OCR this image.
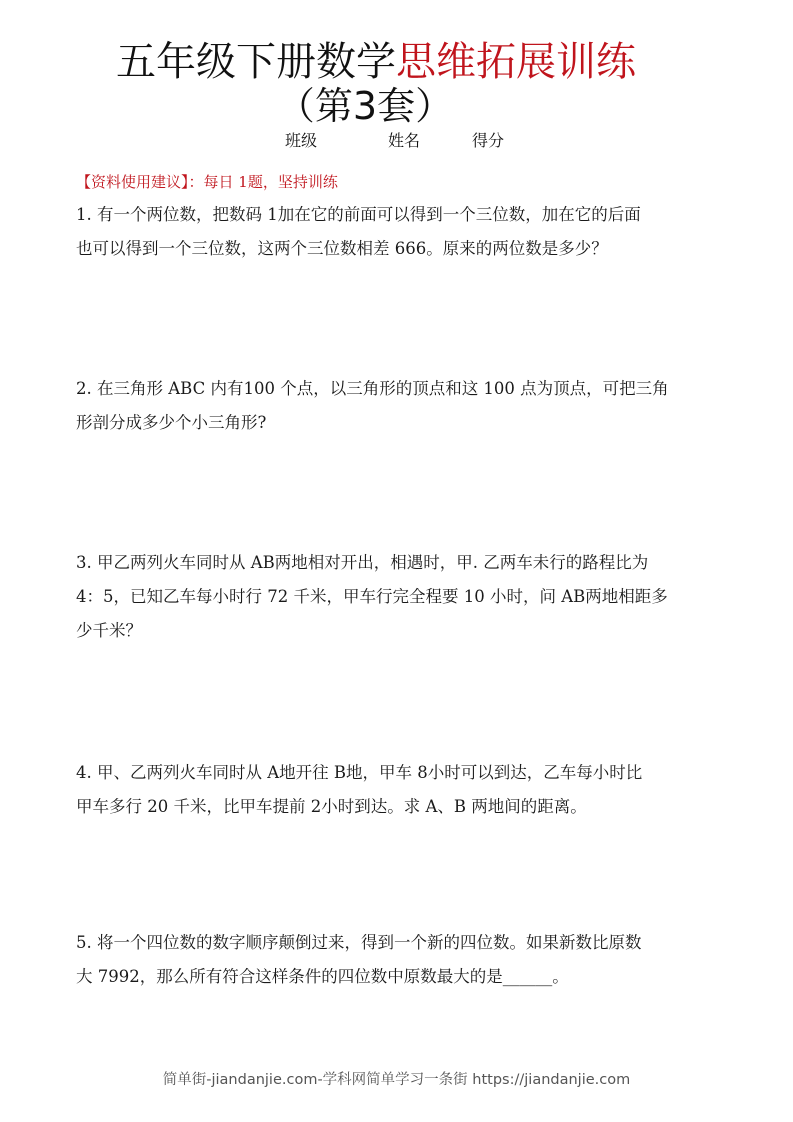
五年级下册数学思维拓展训练
（第3套）
班级	姓名	得分
【资料使用建议】：每日 1题，坚持训练
1. 有一个两位数，把数码 1加在它的前面可以得到一个三位数，加在它的后面
也可以得到一个三位数，这两个三位数相差 666。原来的两位数是多少？
2. 在三角形 ABC 内有100 个点，以三角形的顶点和这 100 点为顶点，可把三角
形剖分成多少个小三角形?
3. 甲乙两列火车同时从 AB两地相对开出，相遇时，甲. 乙两车未行的路程比为
4：5，已知乙车每小时行 72 千米，甲车行完全程要 10 小时，问 AB两地相距多
少千米？
4. 甲、乙两列火车同时从 A地开往 B地，甲车 8小时可以到达，乙车每小时比
甲车多行 20 千米，比甲车提前 2小时到达。求 A、B 两地间的距离。
5. 将一个四位数的数字顺序颠倒过来，得到一个新的四位数。如果新数比原数
大 7992，那么所有符合这样条件的四位数中原数最大的是______。
简单街-jiandanjie.com-学科网简单学习一条街 https://jiandanjie.com
